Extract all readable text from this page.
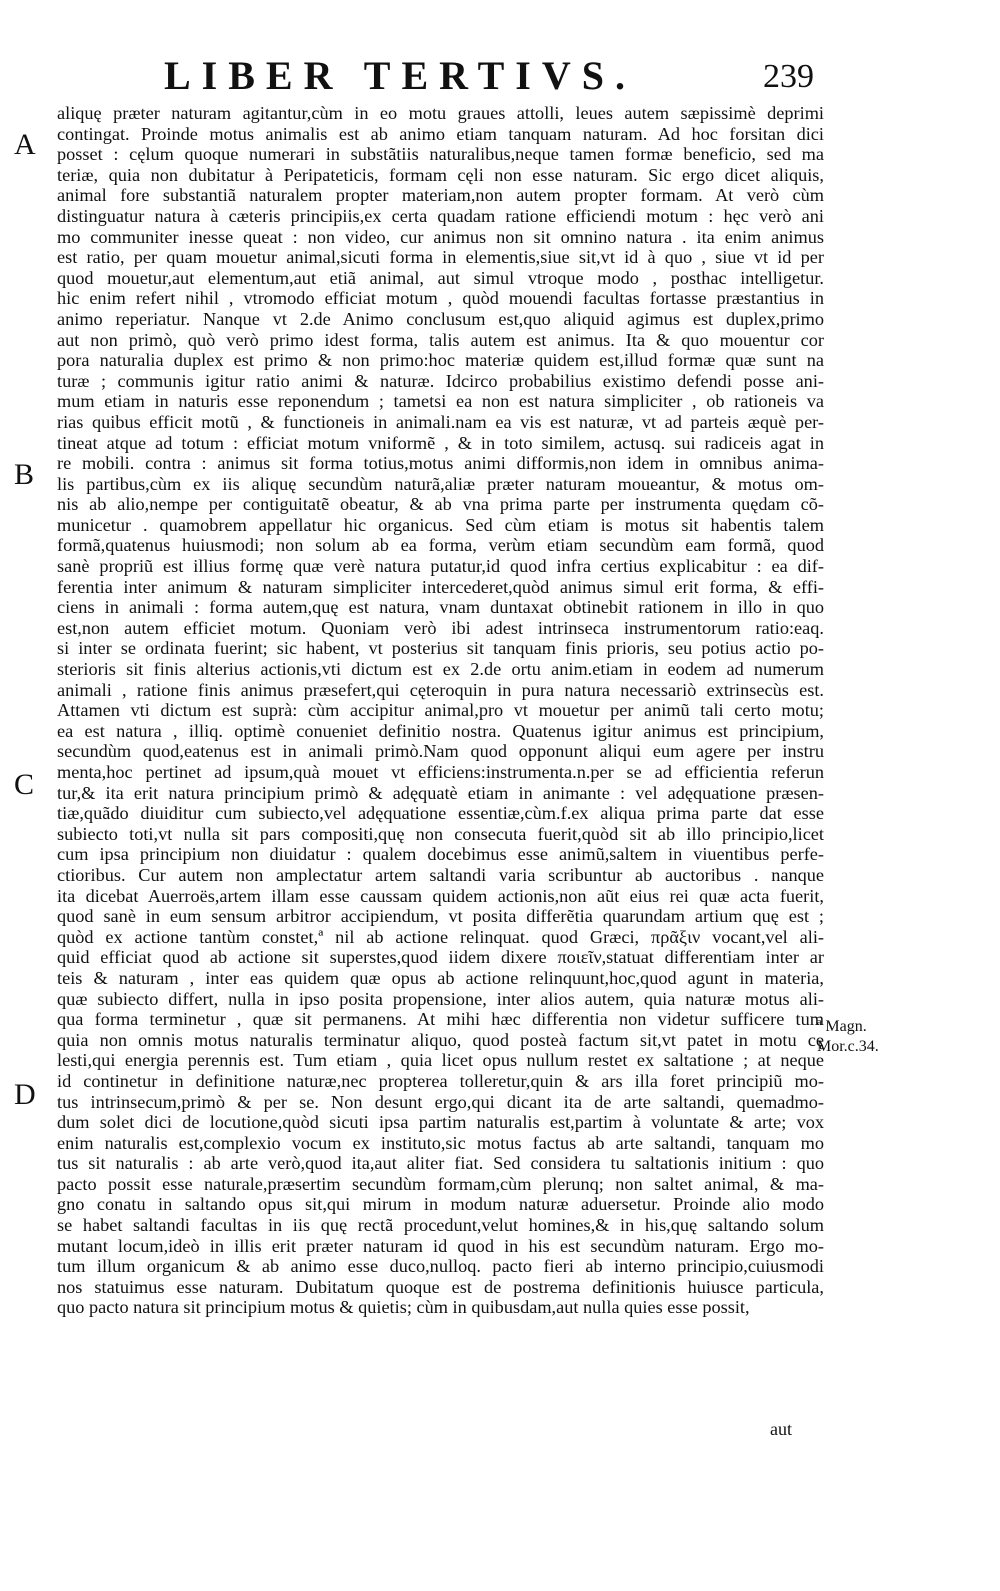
LIBER TERTIVS.	239
A
B
C
D
aliquę præter naturam agitantur,cùm in eo motu graues attolli, leues autem sæpissimè deprimi
contingat. Proinde motus animalis est ab animo etiam tanquam naturam. Ad hoc forsitan dici
posset : cęlum quoque numerari in substãtiis naturalibus,neque tamen formæ beneficio, sed ma
teriæ, quia non dubitatur à Peripateticis, formam cęli non esse naturam. Sic ergo dicet aliquis,
animal fore substantiã naturalem propter materiam,non autem propter formam. At verò cùm
distinguatur natura à cæteris principiis,ex certa quadam ratione efficiendi motum : hęc verò ani
mo communiter inesse queat : non video, cur animus non sit omnino natura . ita enim animus
est ratio, per quam mouetur animal,sicuti forma in elementis,siue sit,vt id à quo , siue vt id per
quod mouetur,aut elementum,aut etiã animal, aut simul vtroque modo , posthac intelligetur.
hic enim refert nihil , vtromodo efficiat motum , quòd mouendi facultas fortasse præstantius in
animo reperiatur. Nanque vt 2.de Animo conclusum est,quo aliquid agimus est duplex,primo
aut non primò, quò verò primo idest forma, talis autem est animus. Ita & quo mouentur cor
pora naturalia duplex est primo & non primo:hoc materiæ quidem est,illud formæ quæ sunt na
turæ ; communis igitur ratio animi & naturæ. Idcirco probabilius existimo defendi posse ani-
mum etiam in naturis esse reponendum ; tametsi ea non est natura simpliciter , ob rationeis va
rias quibus efficit motũ , & functioneis in animali.nam ea vis est naturæ, vt ad parteis æquè per-
tineat atque ad totum : efficiat motum vniformẽ , & in toto similem, actusq. sui radiceis agat in
re mobili. contra : animus sit forma totius,motus animi difformis,non idem in omnibus anima-
lis partibus,cùm ex iis aliquę secundùm naturã,aliæ præter naturam moueantur, & motus om-
nis ab alio,nempe per contiguitatẽ obeatur, & ab vna prima parte per instrumenta quędam cõ-
municetur . quamobrem appellatur hic organicus. Sed cùm etiam is motus sit habentis talem
formã,quatenus huiusmodi; non solum ab ea forma, verùm etiam secundùm eam formã, quod
sanè propriũ est illius formę quæ verè natura putatur,id quod infra certius explicabitur : ea dif-
ferentia inter animum & naturam simpliciter intercederet,quòd animus simul erit forma, & effi-
ciens in animali : forma autem,quę est natura, vnam duntaxat obtinebit rationem in illo in quo
est,non autem efficiet motum. Quoniam verò ibi adest intrinseca instrumentorum ratio:eaq.
si inter se ordinata fuerint; sic habent, vt posterius sit tanquam finis prioris, seu potius actio po-
sterioris sit finis alterius actionis,vti dictum est ex 2.de ortu anim.etiam in eodem ad numerum
animali , ratione finis animus præsefert,qui cęteroquin in pura natura necessariò extrinsecùs est.
Attamen vti dictum est suprà: cùm accipitur animal,pro vt mouetur per animũ tali certo motu;
ea est natura , illiq. optimè conueniet definitio nostra. Quatenus igitur animus est principium,
secundùm quod,eatenus est in animali primò.Nam quod opponunt aliqui eum agere per instru
menta,hoc pertinet ad ipsum,quà mouet vt efficiens:instrumenta.n.per se ad efficientia referun
tur,& ita erit natura principium primò & adęquatè etiam in animante : vel adęquatione præsen-
tiæ,quãdo diuiditur cum subiecto,vel adęquatione essentiæ,cùm.f.ex aliqua prima parte dat esse
subiecto toti,vt nulla sit pars compositi,quę non consecuta fuerit,quòd sit ab illo principio,licet
cum ipsa principium non diuidatur : qualem docebimus esse animũ,saltem in viuentibus perfe-
ctioribus. Cur autem non amplectatur artem saltandi varia scribuntur ab auctoribus . nanque
ita dicebat Auerroës,artem illam esse caussam quidem actionis,non aũt eius rei quæ acta fuerit,
quod sanè in eum sensum arbitror accipiendum, vt posita differẽtia quarundam artium quę est ;
quòd ex actione tantùm constet,ª nil ab actione relinquat. quod Græci, πρᾶξιν vocant,vel ali-
quid efficiat quod ab actione sit superstes,quod iidem dixere ποιεῖν,statuat differentiam inter ar
teis & naturam , inter eas quidem quæ opus ab actione relinquunt,hoc,quod agunt in materia,
quæ subiecto differt, nulla in ipso posita propensione, inter alios autem, quia naturæ motus ali-
qua forma terminetur , quæ sit permanens. At mihi hæc differentia non videtur sufficere tum
quia non omnis motus naturalis terminatur aliquo, quod posteà factum sit,vt patet in motu cę
lesti,qui energia perennis est. Tum etiam , quia licet opus nullum restet ex saltatione ; at neque
id continetur in definitione naturæ,nec propterea tolleretur,quin & ars illa foret principiũ mo-
tus intrinsecum,primò & per se. Non desunt ergo,qui dicant ita de arte saltandi, quemadmo-
dum solet dici de locutione,quòd sicuti ipsa partim naturalis est,partim à voluntate & arte; vox
enim naturalis est,complexio vocum ex instituto,sic motus factus ab arte saltandi, tanquam mo
tus sit naturalis : ab arte verò,quod ita,aut aliter fiat. Sed considera tu saltationis initium : quo
pacto possit esse naturale,præsertim secundùm formam,cùm plerunq; non saltet animal, & ma-
gno conatu in saltando opus sit,qui mirum in modum naturæ aduersetur. Proinde alio modo
se habet saltandi facultas in iis quę rectã procedunt,velut homines,& in his,quę saltando solum
mutant locum,ideò in illis erit præter naturam id quod in his est secundùm naturam. Ergo mo-
tum illum organicum & ab animo esse duco,nulloq. pacto fieri ab interno principio,cuiusmodi
nos statuimus esse naturam. Dubitatum quoque est de postrema definitionis huiusce particula,
quo pacto natura sit principium motus & quietis; cùm in quibusdam,aut nulla quies esse possit,
ª Magn.
Mor.c.34.
aut
